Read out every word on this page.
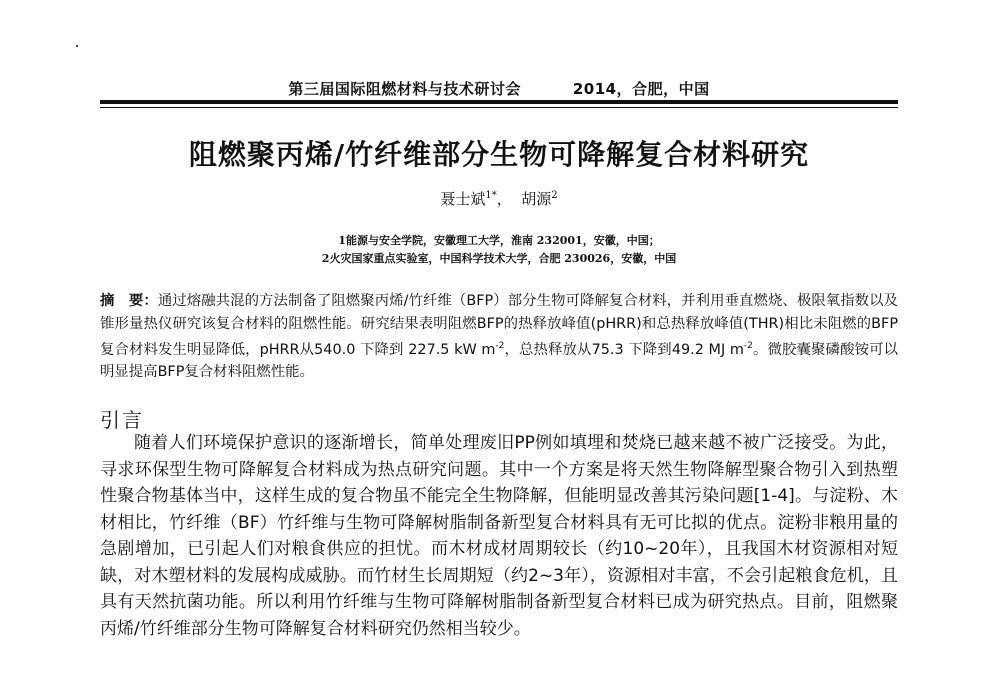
第三届国际阻燃材料与技术研讨会	2014，合肥，中国
阻燃聚丙烯/竹纤维部分生物可降解复合材料研究
聂士斌$^{1*}$， 胡源$^2$
1能源与安全学院，安徽理工大学，淮南 232001，安徽，中国；
2火灾国家重点实验室，中国科学技术大学，合肥 230026，安徽，中国
摘　要：通过熔融共混的方法制备了阻燃聚丙烯/竹纤维（BFP）部分生物可降解复合材料，并利用垂直燃烧、极限氧指数以及锥形量热仪研究该复合材料的阻燃性能。研究结果表明阻燃BFP的热释放峰值(pHRR)和总热释放峰值(THR)相比未阻燃的BFP复合材料发生明显降低，pHRR从540.0 下降到 227.5 kW $m^{-2}$，总热释放从75.3 下降到49.2 MJ $m^{-2}$。微胶囊聚磷酸铵可以明显提高BFP复合材料阻燃性能。
引言
随着人们环境保护意识的逐渐增长，简单处理废旧PP例如填埋和焚烧已越来越不被广泛接受。为此，寻求环保型生物可降解复合材料成为热点研究问题。其中一个方案是将天然生物降解型聚合物引入到热塑性聚合物基体当中，这样生成的复合物虽不能完全生物降解，但能明显改善其污染问题[1-4]。与淀粉、木材相比，竹纤维（BF）竹纤维与生物可降解树脂制备新型复合材料具有无可比拟的优点。淀粉非粮用量的急剧增加，已引起人们对粮食供应的担忧。而木材成材周期较长（约10~20年），且我国木材资源相对短缺，对木塑材料的发展构成威胁。而竹材生长周期短（约2~3年），资源相对丰富，不会引起粮食危机，且具有天然抗菌功能。所以利用竹纤维与生物可降解树脂制备新型复合材料已成为研究热点。目前，阻燃聚丙烯/竹纤维部分生物可降解复合材料研究仍然相当较少。
